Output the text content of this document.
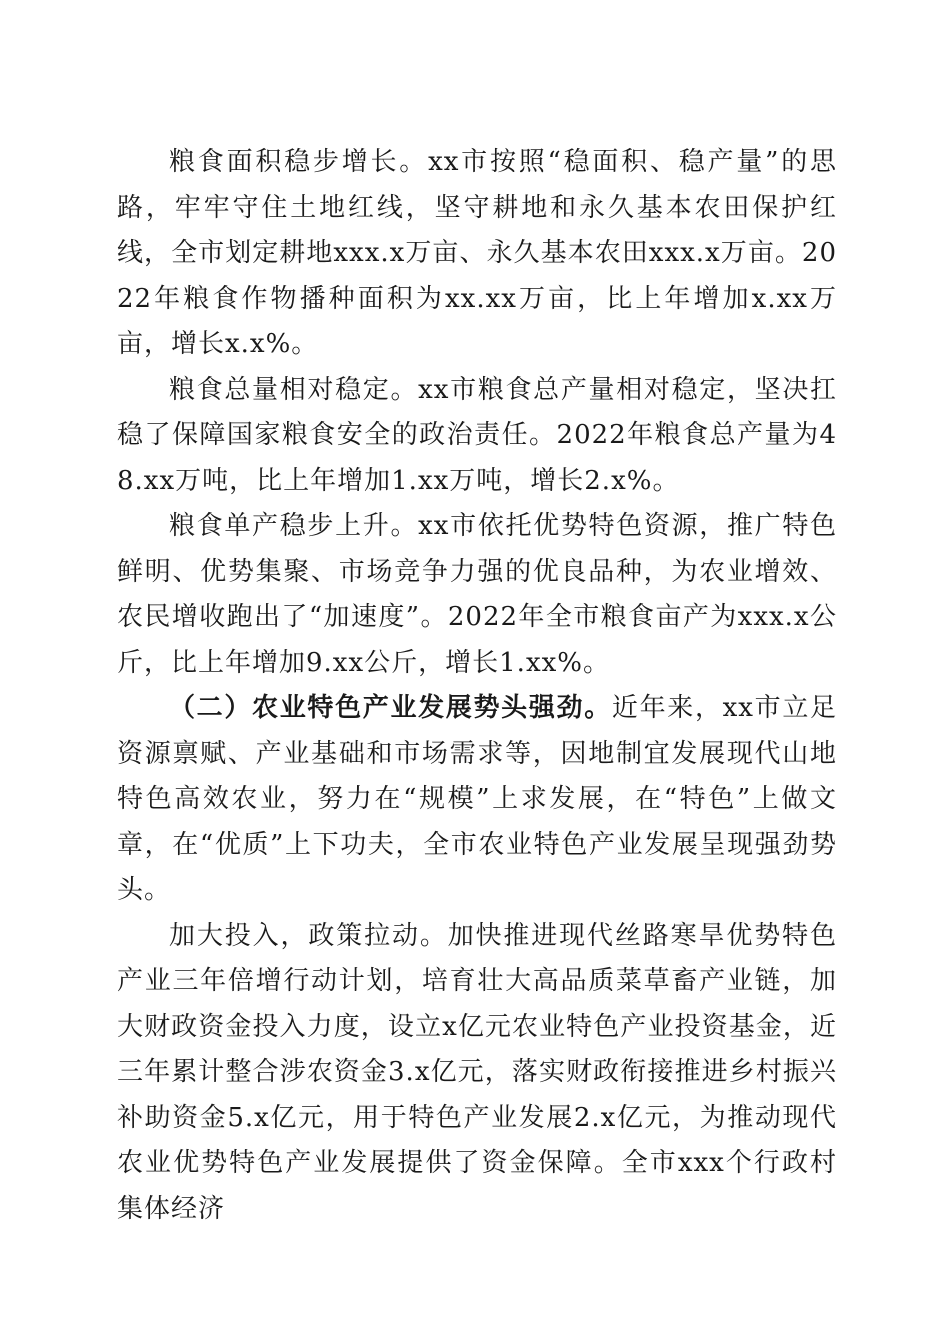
粮食面积稳步增长。xx市按照“稳面积、稳产量”的思路，牢牢守住土地红线，坚守耕地和永久基本农田保护红线，全市划定耕地xxx.x万亩、永久基本农田xxx.x万亩。2022年粮食作物播种面积为xx.xx万亩，比上年增加x.xx万亩，增长x.x%。

粮食总量相对稳定。xx市粮食总产量相对稳定，坚决扛稳了保障国家粮食安全的政治责任。2022年粮食总产量为48.xx万吨，比上年增加1.xx万吨，增长2.x%。

粮食单产稳步上升。xx市依托优势特色资源，推广特色鲜明、优势集聚、市场竞争力强的优良品种，为农业增效、农民增收跑出了“加速度”。2022年全市粮食亩产为xxx.x公斤，比上年增加9.xx公斤，增长1.xx%。

（二）农业特色产业发展势头强劲。近年来，xx市立足资源禀赋、产业基础和市场需求等，因地制宜发展现代山地特色高效农业，努力在“规模”上求发展，在“特色”上做文章，在“优质”上下功夫，全市农业特色产业发展呈现强劲势头。

加大投入，政策拉动。加快推进现代丝路寒旱优势特色产业三年倍增行动计划，培育壮大高品质菜草畜产业链，加大财政资金投入力度，设立x亿元农业特色产业投资基金，近三年累计整合涉农资金3.x亿元，落实财政衔接推进乡村振兴补助资金5.x亿元，用于特色产业发展2.x亿元，为推动现代农业优势特色产业发展提供了资金保障。全市xxx个行政村集体经济
